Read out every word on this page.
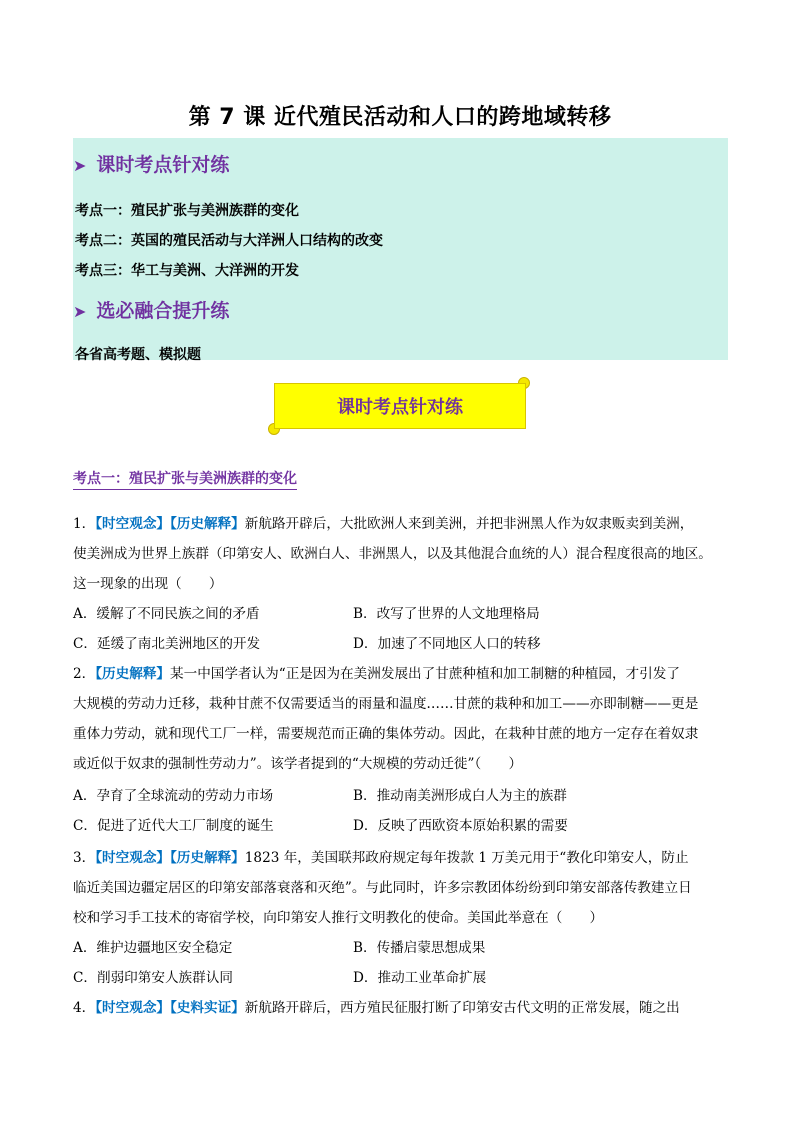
第 7 课 近代殖民活动和人口的跨地域转移
➤ 课时考点针对练
考点一：殖民扩张与美洲族群的变化
考点二：英国的殖民活动与大洋洲人口结构的改变
考点三：华工与美洲、大洋洲的开发
➤ 选必融合提升练
各省高考题、模拟题
课时考点针对练
考点一：殖民扩张与美洲族群的变化
1．【时空观念】【历史解释】新航路开辟后，大批欧洲人来到美洲，并把非洲黑人作为奴隶贩卖到美洲，
使美洲成为世界上族群（印第安人、欧洲白人、非洲黑人，以及其他混合血统的人）混合程度很高的地区。
这一现象的出现（　　）
A．缓解了不同民族之间的矛盾	B．改写了世界的人文地理格局
C．延缓了南北美洲地区的开发	D．加速了不同地区人口的转移
2．【历史解释】某一中国学者认为“正是因为在美洲发展出了甘蔗种植和加工制糖的种植园，才引发了
大规模的劳动力迁移，栽种甘蔗不仅需要适当的雨量和温度……甘蔗的栽种和加工——亦即制糖——更是
重体力劳动，就和现代工厂一样，需要规范而正确的集体劳动。因此，在栽种甘蔗的地方一定存在着奴隶
或近似于奴隶的强制性劳动力”。该学者提到的“大规模的劳动迁徙”（　　）
A．孕育了全球流动的劳动力市场	B．推动南美洲形成白人为主的族群
C．促进了近代大工厂制度的诞生	D．反映了西欧资本原始积累的需要
3．【时空观念】【历史解释】1823 年，美国联邦政府规定每年拨款 1 万美元用于“教化印第安人，防止
临近美国边疆定居区的印第安部落衰落和灭绝”。与此同时，许多宗教团体纷纷到印第安部落传教建立日
校和学习手工技术的寄宿学校，向印第安人推行文明教化的使命。美国此举意在（　　）
A．维护边疆地区安全稳定	B．传播启蒙思想成果
C．削弱印第安人族群认同	D．推动工业革命扩展
4．【时空观念】【史料实证】新航路开辟后，西方殖民征服打断了印第安古代文明的正常发展，随之出
